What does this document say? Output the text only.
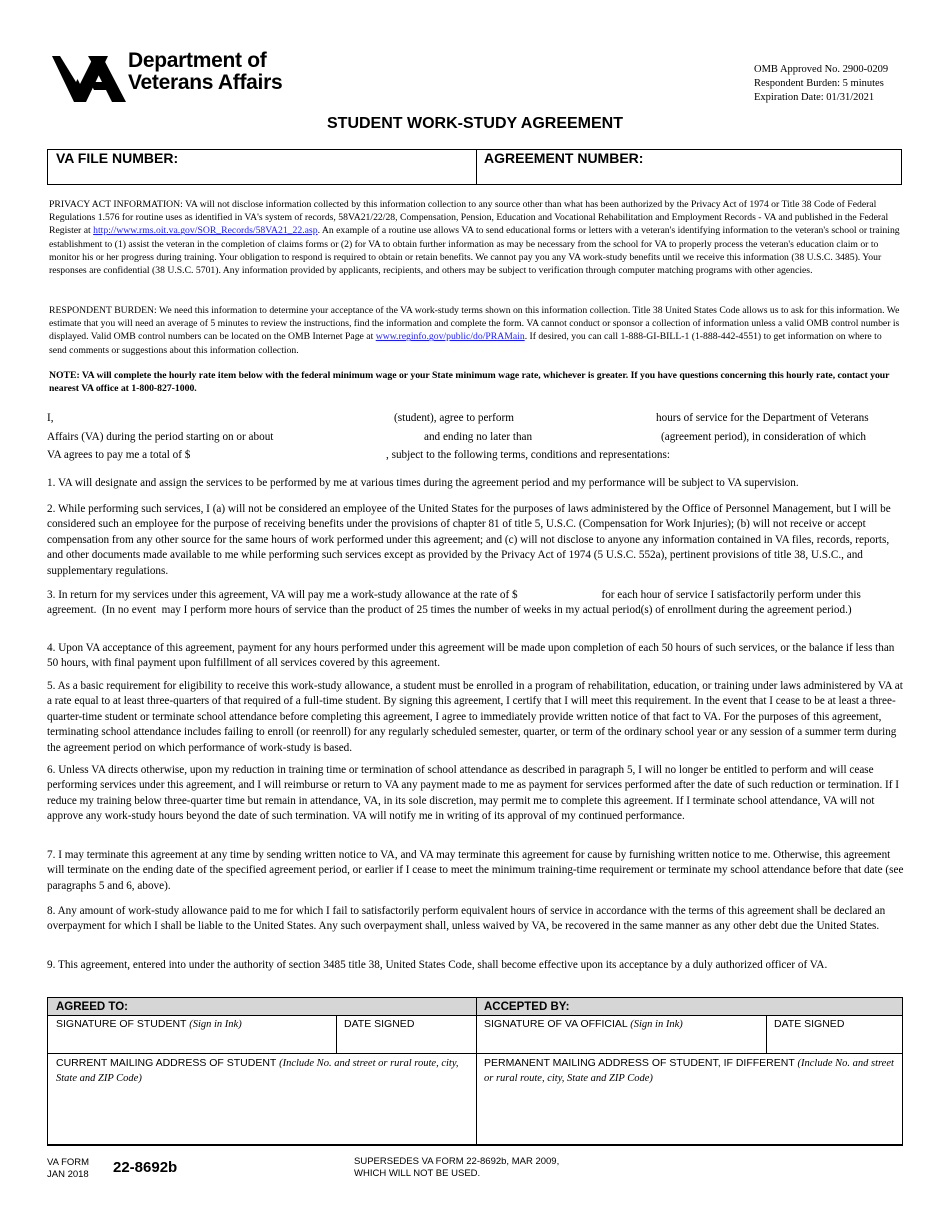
Department of
Veterans Affairs
OMB Approved No. 2900-0209
Respondent Burden: 5 minutes
Expiration Date: 01/31/2021
STUDENT WORK-STUDY AGREEMENT
VA FILE NUMBER:	AGREEMENT NUMBER:
PRIVACY ACT INFORMATION: VA will not disclose information collected by this information collection to any source other than what has been authorized by the Privacy Act of 1974 or Title 38 Code of Federal Regulations 1.576 for routine uses as identified in VA's system of records, 58VA21/22/28, Compensation, Pension, Education and Vocational Rehabilitation and Employment Records - VA and published in the Federal Register at http://www.rms.oit.va.gov/SOR_Records/58VA21_22.asp. An example of a routine use allows VA to send educational forms or letters with a veteran's identifying information to the veteran's school or training establishment to (1) assist the veteran in the completion of claims forms or (2) for VA to obtain further information as may be necessary from the school for VA to properly process the veteran's education claim or to monitor his or her progress during training. Your obligation to respond is required to obtain or retain benefits. We cannot pay you any VA work-study benefits until we receive this information (38 U.S.C. 3485). Your responses are confidential (38 U.S.C. 5701). Any information provided by applicants, recipients, and others may be subject to verification through computer matching programs with other agencies.
RESPONDENT BURDEN: We need this information to determine your acceptance of the VA work-study terms shown on this information collection. Title 38 United States Code allows us to ask for this information. We estimate that you will need an average of 5 minutes to review the instructions, find the information and complete the form. VA cannot conduct or sponsor a collection of information unless a valid OMB control number is displayed. Valid OMB control numbers can be located on the OMB Internet Page at www.reginfo.gov/public/do/PRAMain. If desired, you can call 1-888-GI-BILL-1 (1-888-442-4551) to get information on where to send comments or suggestions about this information collection.
NOTE: VA will complete the hourly rate item below with the federal minimum wage or your State minimum wage rate, whichever is greater. If you have questions concerning this hourly rate, contact your nearest VA office at 1-800-827-1000.
I,	(student), agree to perform	hours of service for the Department of Veterans
Affairs (VA) during the period starting on or about	and ending no later than	(agreement period), in consideration of which
VA agrees to pay me a total of $	, subject to the following terms, conditions and representations:
1. VA will designate and assign the services to be performed by me at various times during the agreement period and my performance will be subject to VA supervision.
2. While performing such services, I (a) will not be considered an employee of the United States for the purposes of laws administered by the Office of Personnel Management, but I will be considered such an employee for the purpose of receiving benefits under the provisions of chapter 81 of title 5, U.S.C. (Compensation for Work Injuries); (b) will not receive or accept compensation from any other source for the same hours of work performed under this agreement; and (c) will not disclose to anyone any information contained in VA files, records, reports, and other documents made available to me while performing such services except as provided by the Privacy Act of 1974 (5 U.S.C. 552a), pertinent provisions of title 38, U.S.C., and supplementary regulations.
3. In return for my services under this agreement, VA will pay me a work-study allowance at the rate of $                              for each hour of service I satisfactorily perform under this agreement.  (In no event  may I perform more hours of service than the product of 25 times the number of weeks in my actual period(s) of enrollment during the agreement period.)
4. Upon VA acceptance of this agreement, payment for any hours performed under this agreement will be made upon completion of each 50 hours of such services, or the balance if less than 50 hours, with final payment upon fulfillment of all services covered by this agreement.
5. As a basic requirement for eligibility to receive this work-study allowance, a student must be enrolled in a program of rehabilitation, education, or training under laws administered by VA at a rate equal to at least three-quarters of that required of a full-time student. By signing this agreement, I certify that I will meet this requirement. In the event that I cease to be at least a three-quarter-time student or terminate school attendance before completing this agreement, I agree to immediately provide written notice of that fact to VA. For the purposes of this agreement, terminating school attendance includes failing to enroll (or reenroll) for any regularly scheduled semester, quarter, or term of the ordinary school year or any session of a summer term during the agreement period on which performance of work-study is based.
6. Unless VA directs otherwise, upon my reduction in training time or termination of school attendance as described in paragraph 5, I will no longer be entitled to perform and will cease performing services under this agreement, and I will reimburse or return to VA any payment made to me as payment for services performed after the date of such reduction or termination. If I reduce my training below three-quarter time but remain in attendance, VA, in its sole discretion, may permit me to complete this agreement. If I terminate school attendance, VA will not approve any work-study hours beyond the date of such termination. VA will notify me in writing of its approval of my continued performance.
7. I may terminate this agreement at any time by sending written notice to VA, and VA may terminate this agreement for cause by furnishing written notice to me. Otherwise, this agreement will terminate on the ending date of the specified agreement period, or earlier if I cease to meet the minimum training-time requirement or terminate my school attendance before that date (see paragraphs 5 and 6, above).
8. Any amount of work-study allowance paid to me for which I fail to satisfactorily perform equivalent hours of service in accordance with the terms of this agreement shall be declared an overpayment for which I shall be liable to the United States. Any such overpayment shall, unless waived by VA, be recovered in the same manner as any other debt due the United States.
9. This agreement, entered into under the authority of section 3485 title 38, United States Code, shall become effective upon its acceptance by a duly authorized officer of VA.
AGREED TO:	ACCEPTED BY:
SIGNATURE OF STUDENT (Sign in Ink)	DATE SIGNED	SIGNATURE OF VA OFFICIAL (Sign in Ink)	DATE SIGNED
CURRENT MAILING ADDRESS OF STUDENT (Include No. and street or rural route, city, State and ZIP Code)
PERMANENT MAILING ADDRESS OF STUDENT, IF DIFFERENT (Include No. and street or rural route, city, State and ZIP Code)
VA FORM
JAN 2018 22-8692b	SUPERSEDES VA FORM 22-8692b, MAR 2009,
WHICH WILL NOT BE USED.
